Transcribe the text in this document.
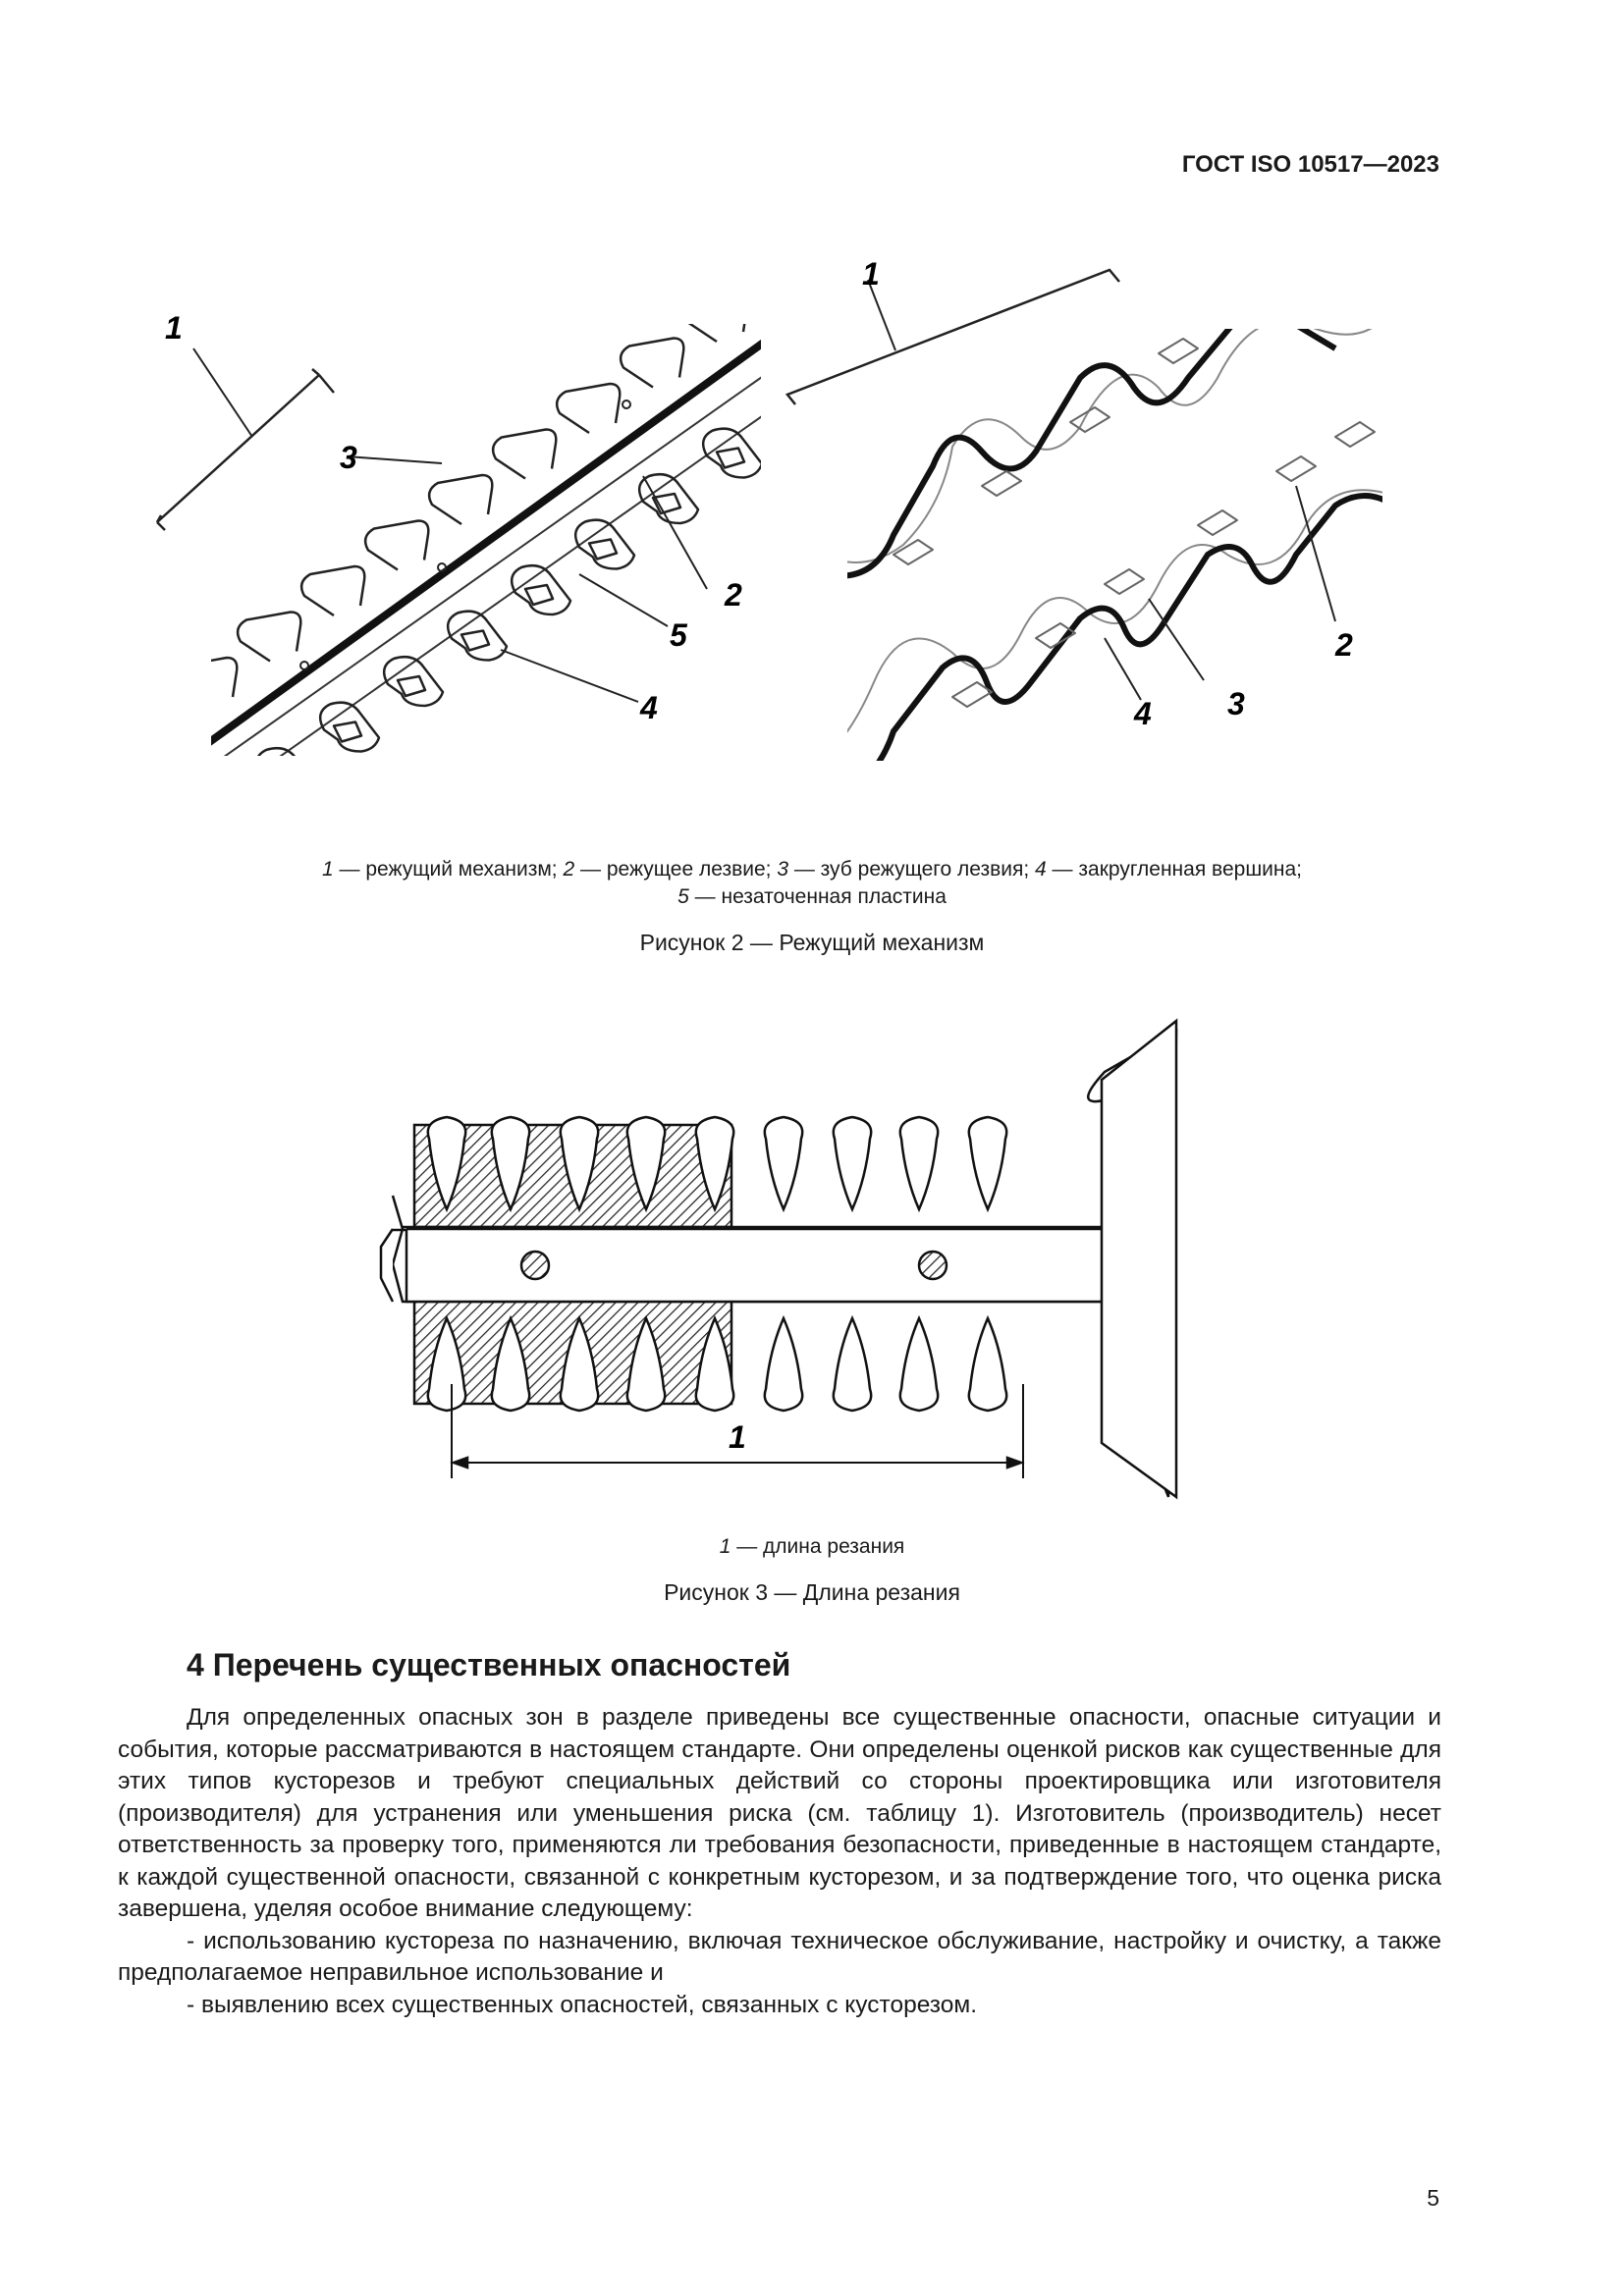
ГОСТ ISO 10517—2023
1
2
3
4
5
1
2
3
4
1 — режущий механизм; 2 — режущее лезвие; 3 — зуб режущего лезвия; 4 — закругленная вершина;
5 — незаточенная пластина
Рисунок 2 — Режущий механизм
1
1 — длина резания
Рисунок 3 — Длина резания
4 Перечень существенных опасностей

Для определенных опасных зон в разделе приведены все существенные опасности, опасные ситуации и события, которые рассматриваются в настоящем стандарте. Они определены оценкой рисков как существенные для этих типов кусторезов и требуют специальных действий со стороны проектировщика или изготовителя (производителя) для устранения или уменьшения риска (см. таблицу 1). Изготовитель (производитель) несет ответственность за проверку того, применяются ли требования безопасности, приведенные в настоящем стандарте, к каждой существенной опасности, связанной с конкретным кусторезом, и за подтверждение того, что оценка риска завершена, уделяя особое внимание следующему:

- использованию кустореза по назначению, включая техническое обслуживание, настройку и очистку, а также предполагаемое неправильное использование и

- выявлению всех существенных опасностей, связанных с кусторезом.

5
